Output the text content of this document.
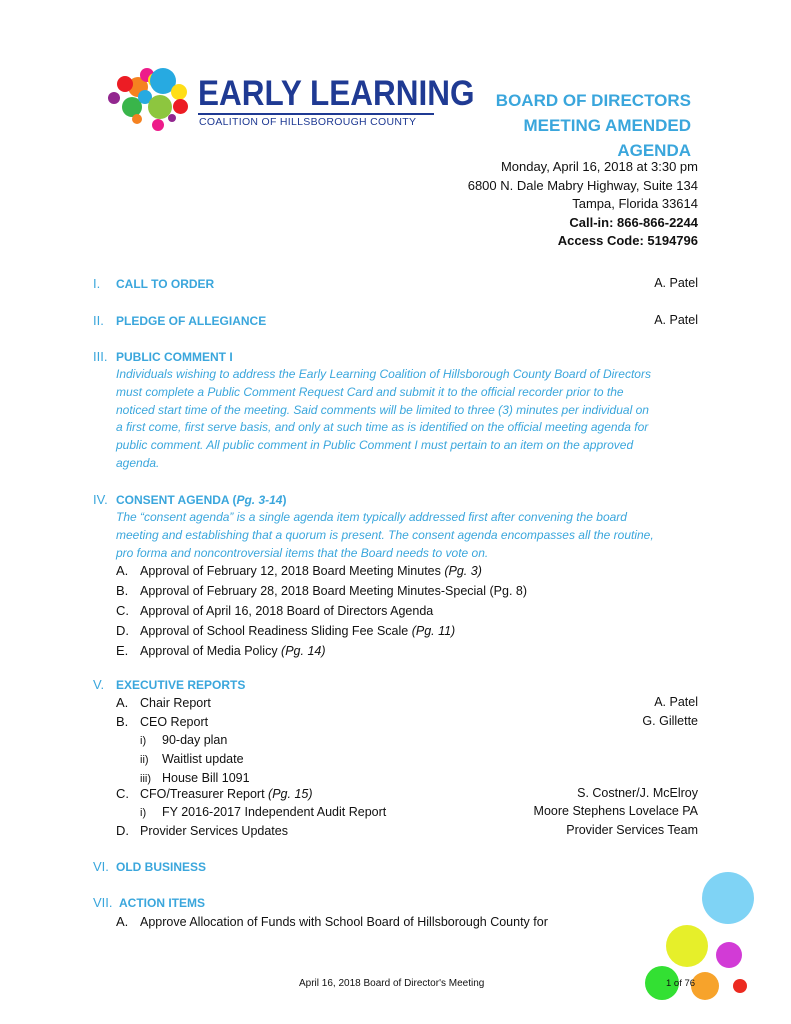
EARLY LEARNING
COALITION OF HILLSBOROUGH COUNTY
BOARD OF DIRECTORS
MEETING AMENDED
AGENDA
Monday, April 16, 2018 at 3:30 pm
6800 N. Dale Mabry Highway, Suite 134
Tampa, Florida 33614
Call-in: 866-866-2244
Access Code: 5194796
I. CALL TO ORDER	A. Patel
II. PLEDGE OF ALLEGIANCE	A. Patel
III. PUBLIC COMMENT I
Individuals wishing to address the Early Learning Coalition of Hillsborough County Board of Directors
must complete a Public Comment Request Card and submit it to the official recorder prior to the
noticed start time of the meeting. Said comments will be limited to three (3) minutes per individual on
a first come, first serve basis, and only at such time as is identified on the official meeting agenda for
public comment. All public comment in Public Comment I must pertain to an item on the approved
agenda.
IV. CONSENT AGENDA (Pg. 3-14)
The “consent agenda” is a single agenda item typically addressed first after convening the board
meeting and establishing that a quorum is present. The consent agenda encompasses all the routine,
pro forma and noncontroversial items that the Board needs to vote on.
A. Approval of February 12, 2018 Board Meeting Minutes (Pg. 3)
B. Approval of February 28, 2018 Board Meeting Minutes-Special (Pg. 8)
C. Approval of April 16, 2018 Board of Directors Agenda
D. Approval of School Readiness Sliding Fee Scale (Pg. 11)
E. Approval of Media Policy (Pg. 14)
V. EXECUTIVE REPORTS
A. Chair Report	A. Patel
B. CEO Report	G. Gillette
i) 90-day plan
ii) Waitlist update
iii) House Bill 1091
C. CFO/Treasurer Report (Pg. 15)	S. Costner/J. McElroy
i) FY 2016-2017 Independent Audit Report	Moore Stephens Lovelace PA
D. Provider Services Updates	Provider Services Team
VI. OLD BUSINESS
VII. ACTION ITEMS
A. Approve Allocation of Funds with School Board of Hillsborough County for
April 16, 2018 Board of Director's Meeting	1 of 76
